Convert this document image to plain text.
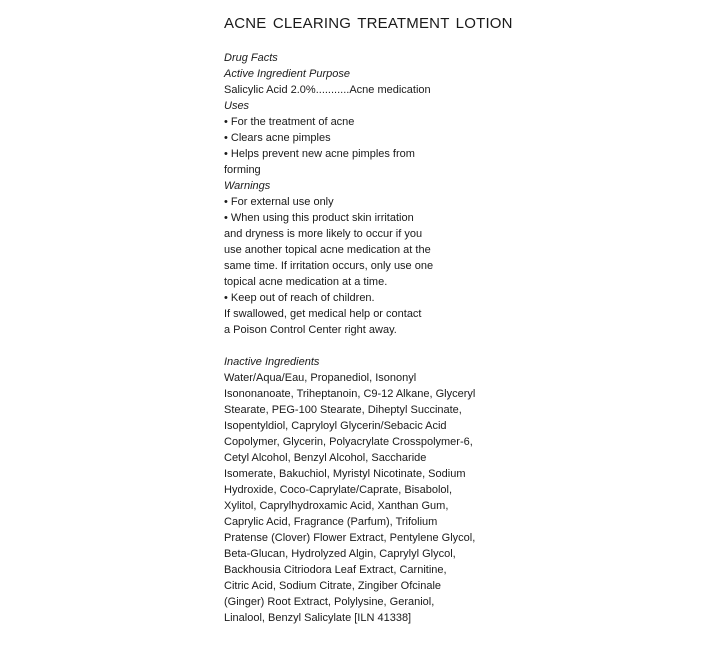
ACNE CLEARING TREATMENT LOTION
Drug Facts
Active Ingredient Purpose
Salicylic Acid 2.0%...........Acne medication
Uses
• For the treatment of acne
• Clears acne pimples
• Helps prevent new acne pimples from
forming
Warnings
• For external use only
• When using this product skin irritation
and dryness is more likely to occur if you
use another topical acne medication at the
same time. If irritation occurs, only use one
topical acne medication at a time.
• Keep out of reach of children.
If swallowed, get medical help or contact
a Poison Control Center right away.
Inactive Ingredients
Water/Aqua/Eau, Propanediol, Isononyl
Isononanoate, Triheptanoin, C9-12 Alkane, Glyceryl
Stearate, PEG-100 Stearate, Diheptyl Succinate,
Isopentyldiol, Capryloyl Glycerin/Sebacic Acid
Copolymer, Glycerin, Polyacrylate Crosspolymer-6,
Cetyl Alcohol, Benzyl Alcohol, Saccharide
Isomerate, Bakuchiol, Myristyl Nicotinate, Sodium
Hydroxide, Coco-Caprylate/Caprate, Bisabolol,
Xylitol, Caprylhydroxamic Acid, Xanthan Gum,
Caprylic Acid, Fragrance (Parfum), Trifolium
Pratense (Clover) Flower Extract, Pentylene Glycol,
Beta-Glucan, Hydrolyzed Algin, Caprylyl Glycol,
Backhousia Citriodora Leaf Extract, Carnitine,
Citric Acid, Sodium Citrate, Zingiber Ofcinale
(Ginger) Root Extract, Polylysine, Geraniol,
Linalool, Benzyl Salicylate [ILN 41338]
